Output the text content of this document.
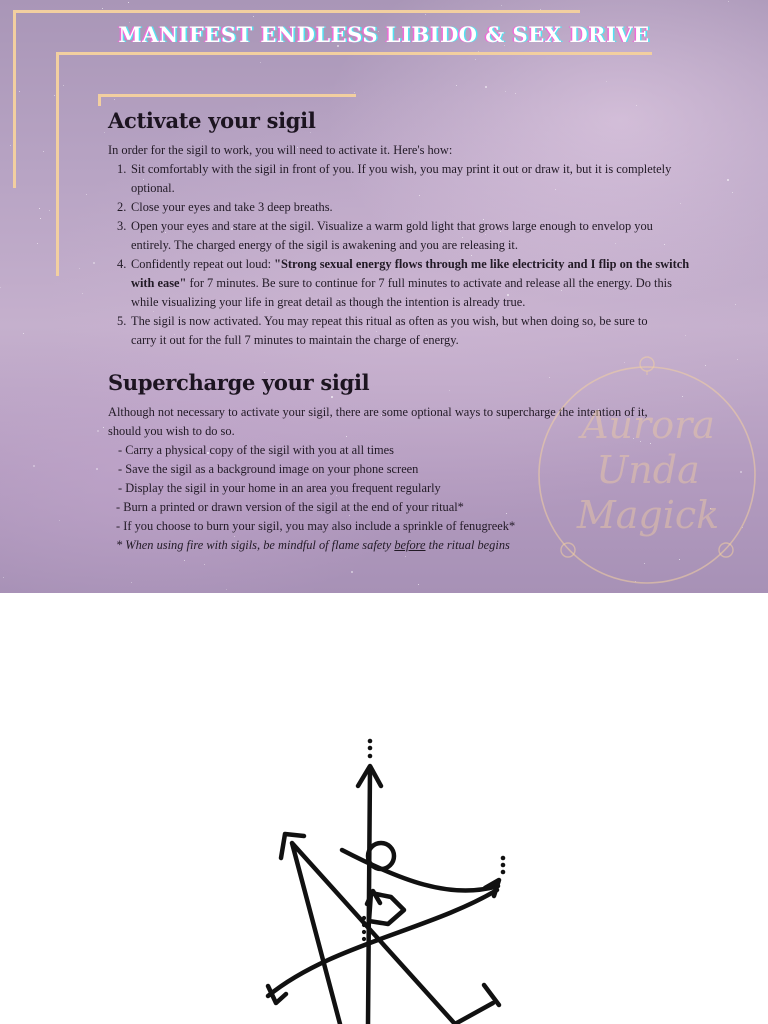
MANIFEST ENDLESS LIBIDO & SEX DRIVE
Activate your sigil
In order for the sigil to work, you will need to activate it. Here's how:
1. Sit comfortably with the sigil in front of you. If you wish, you may print it out or draw it, but it is completely
optional.
2. Close your eyes and take 3 deep breaths.
3. Open your eyes and stare at the sigil. Visualize a warm gold light that grows large enough to envelop you
entirely. The charged energy of the sigil is awakening and you are releasing it.
4. Confidently repeat out loud: "Strong sexual energy flows through me like electricity and I flip on the switch
with ease" for 7 minutes. Be sure to continue for 7 full minutes to activate and release all the energy. Do this
while visualizing your life in great detail as though the intention is already true.
5. The sigil is now activated. You may repeat this ritual as often as you wish, but when doing so, be sure to
carry it out for the full 7 minutes to maintain the charge of energy.
Supercharge your sigil
Although not necessary to activate your sigil, there are some optional ways to supercharge the intention of it,
should you wish to do so.
- Carry a physical copy of the sigil with you at all times
- Save the sigil as a background image on your phone screen
- Display the sigil in your home in an area you frequent regularly
- Burn a printed or drawn version of the sigil at the end of your ritual*
- If you choose to burn your sigil, you may also include a sprinkle of fenugreek*
* When using fire with sigils, be mindful of flame safety before the ritual begins
Aurora
Unda
Magick
